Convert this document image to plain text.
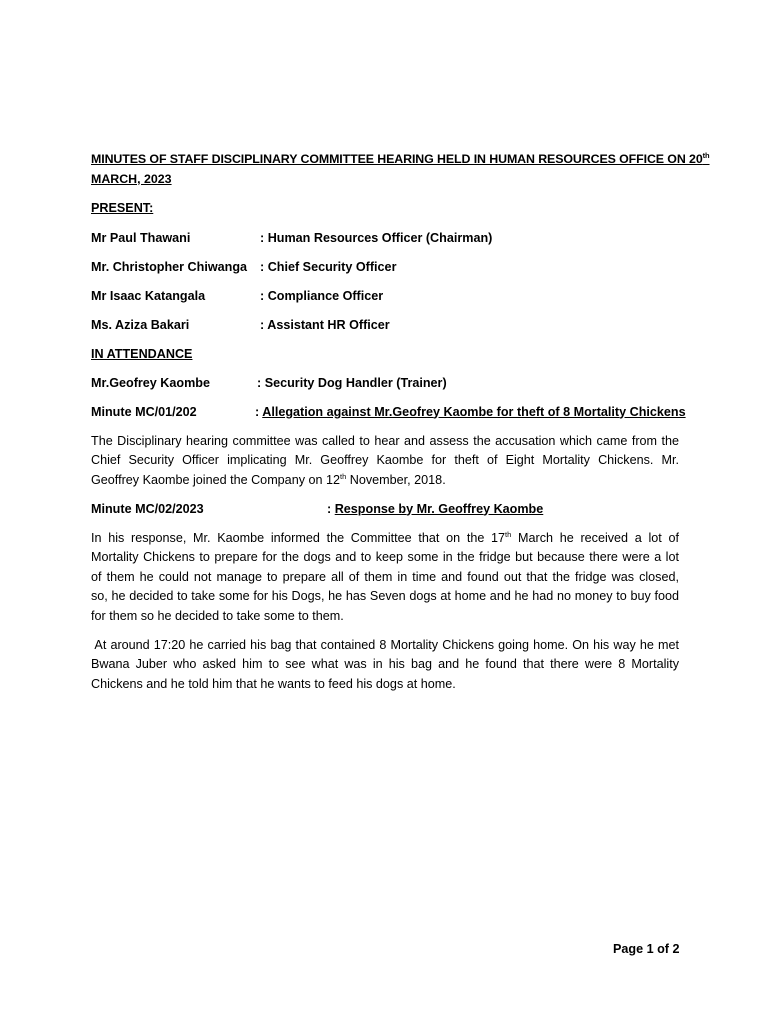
MINUTES OF STAFF DISCIPLINARY COMMITTEE HEARING HELD IN HUMAN RESOURCES OFFICE ON 20th
MARCH, 2023
PRESENT:
Mr Paul Thawani	: Human Resources Officer (Chairman)
Mr. Christopher Chiwanga : Chief Security Officer
Mr Isaac Katangala	: Compliance Officer
Ms. Aziza Bakari	: Assistant HR Officer
IN ATTENDANCE
Mr.Geofrey Kaombe	: Security Dog Handler (Trainer)
Minute MC/01/202	: Allegation against Mr.Geofrey Kaombe for theft of 8 Mortality Chickens
The Disciplinary hearing committee was called to hear and assess the accusation which came from the
Chief Security Officer implicating Mr. Geoffrey Kaombe for theft of Eight Mortality Chickens. Mr.
Geoffrey Kaombe joined the Company on 12th November, 2018.
Minute MC/02/2023	: Response by Mr. Geoffrey Kaombe
In his response, Mr. Kaombe informed the Committee that on the 17th March he received a lot of
Mortality Chickens to prepare for the dogs and to keep some in the fridge but because there were a lot
of them he could not manage to prepare all of them in time and found out that the fridge was closed,
so, he decided to take some for his Dogs, he has Seven dogs at home and he had no money to buy food
for them so he decided to take some to them.
At around 17:20 he carried his bag that contained 8 Mortality Chickens going home. On his way he met
Bwana Juber who asked him to see what was in his bag and he found that there were 8 Mortality
Chickens and he told him that he wants to feed his dogs at home.
Page 1 of 2
